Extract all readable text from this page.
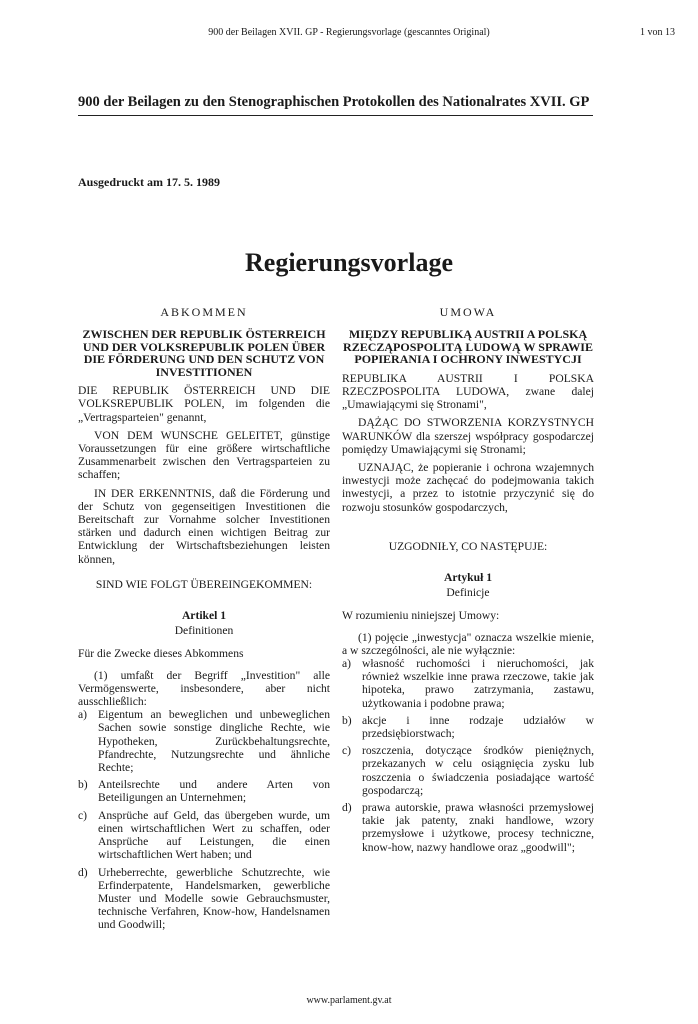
900 der Beilagen XVII. GP - Regierungsvorlage (gescanntes Original)	1 von 13
900 der Beilagen zu den Stenographischen Protokollen des Nationalrates XVII. GP
Ausgedruckt am 17. 5. 1989
Regierungsvorlage
ABKOMMEN
ZWISCHEN DER REPUBLIK ÖSTERREICH UND DER VOLKSREPUBLIK POLEN ÜBER DIE FÖRDERUNG UND DEN SCHUTZ VON INVESTITIONEN

DIE REPUBLIK ÖSTERREICH UND DIE VOLKSREPUBLIK POLEN, im folgenden die „Vertragsparteien" genannt,

VON DEM WUNSCHE GELEITET, günstige Voraussetzungen für eine größere wirtschaftliche Zusammenarbeit zwischen den Vertragsparteien zu schaffen;

IN DER ERKENNTNIS, daß die Förderung und der Schutz von gegenseitigen Investitionen die Bereitschaft zur Vornahme solcher Investitionen stärken und dadurch einen wichtigen Beitrag zur Entwicklung der Wirtschaftsbeziehungen leisten können,

SIND WIE FOLGT ÜBEREINGEKOMMEN:
Artikel 1
Definitionen
Für die Zwecke dieses Abkommens

(1) umfaßt der Begriff „Investition" alle Vermögenswerte, insbesondere, aber nicht ausschließlich:

a) Eigentum an beweglichen und unbeweglichen Sachen sowie sonstige dingliche Rechte, wie Hypotheken, Zurückbehaltungsrechte, Pfandrechte, Nutzungsrechte und ähnliche Rechte;
b) Anteilsrechte und andere Arten von Beteiligungen an Unternehmen;
c) Ansprüche auf Geld, das übergeben wurde, um einen wirtschaftlichen Wert zu schaffen, oder Ansprüche auf Leistungen, die einen wirtschaftlichen Wert haben; und
d) Urheberrechte, gewerbliche Schutzrechte, wie Erfinderpatente, Handelsmarken, gewerbliche Muster und Modelle sowie Gebrauchsmuster, technische Verfahren, Know-how, Handelsnamen und Goodwill;
UMOWA
MIĘDZY REPUBLIKĄ AUSTRII A POLSKĄ RZECZĄPOSPOLITĄ LUDOWĄ W SPRAWIE POPIERANIA I OCHRONY INWESTYCJI

REPUBLIKA AUSTRII I POLSKA RZECZPOSPOLITA LUDOWA, zwane dalej „Umawiającymi się Stronami",

DĄŻĄC DO STWORZENIA KORZYSTNYCH WARUNKÓW dla szerszej współpracy gospodarczej pomiędzy Umawiającymi się Stronami;

UZNAJĄC, że popieranie i ochrona wzajemnych inwestycji może zachęcać do podejmowania takich inwestycji, a przez to istotnie przyczynić się do rozwoju stosunków gospodarczych,

UZGODNIŁY, CO NASTĘPUJE:
Artykuł 1
Definicje
W rozumieniu niniejszej Umowy:

(1) pojęcie „inwestycja" oznacza wszelkie mienie, a w szczególności, ale nie wyłącznie:

a) własność ruchomości i nieruchomości, jak również wszelkie inne prawa rzeczowe, takie jak hipoteka, prawo zatrzymania, zastawu, użytkowania i podobne prawa;
b) akcje i inne rodzaje udziałów w przedsiębiorstwach;
c) roszczenia, dotyczące środków pieniężnych, przekazanych w celu osiągnięcia zysku lub roszczenia o świadczenia posiadające wartość gospodarczą;
d) prawa autorskie, prawa własności przemysłowej takie jak patenty, znaki handlowe, wzory przemysłowe i użytkowe, procesy techniczne, know-how, nazwy handlowe oraz „goodwill";
www.parlament.gv.at
